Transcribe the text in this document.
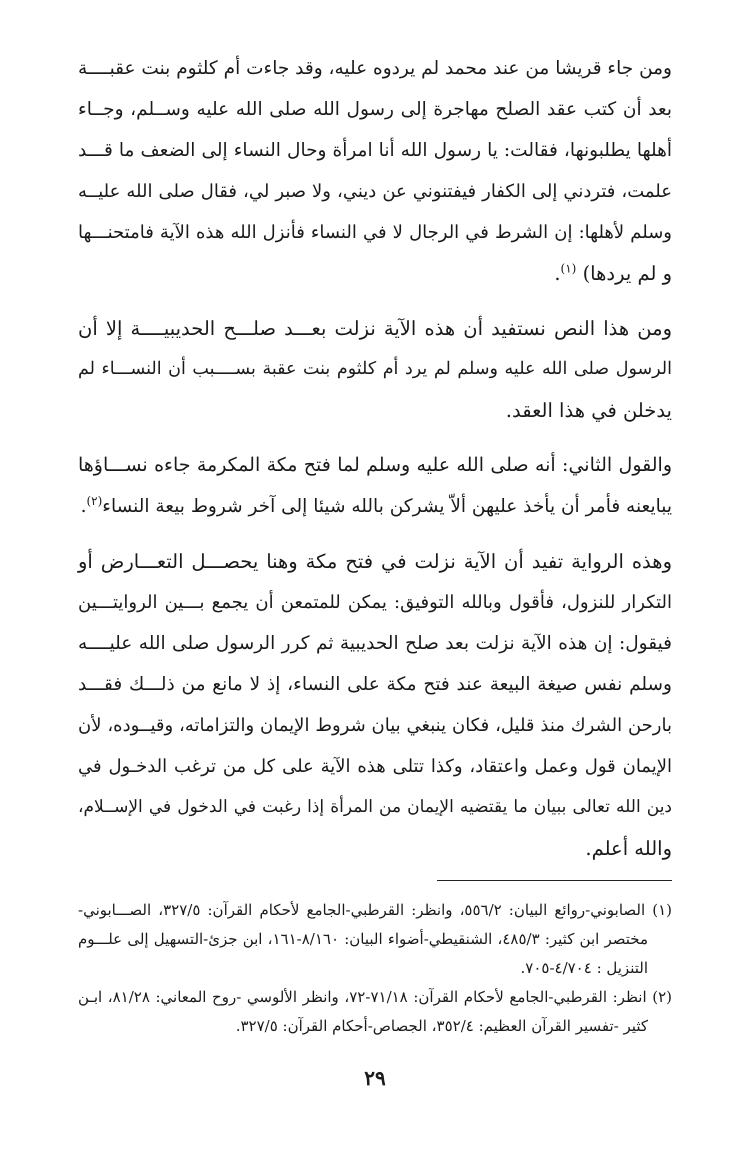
ومن جاء قريشا من عند محمد لم يردوه عليه، وقد جاءت أم كلثوم بنت عقبــــة
بعد أن كتب عقد الصلح مهاجرة إلى رسول الله صلى الله عليه وســلم، وجــاء
أهلها يطلبونها، فقالت: يا رسول الله أنا امرأة وحال النساء إلى الضعف ما قـــد
علمت، فتردني إلى الكفار فيفتنوني عن ديني، ولا صبر لي، فقال صلى الله عليــه
وسلم لأهلها: إن الشرط في الرجال لا في النساء فأنزل الله هذه الآية فامتحنـــها
و لم يردها) $^{(١)}$.

ومن هذا النص نستفيد أن هذه الآية نزلت بعـــد صلـــح الحديبيــــة إلا أن
الرسول صلى الله عليه وسلم لم يرد أم كلثوم بنت عقبة بســــبب أن النســـاء لم
يدخلن في هذا العقد.

والقول الثاني: أنه صلى الله عليه وسلم لما فتح مكة المكرمة جاءه نســـاؤها
يبايعنه فأمر أن يأخذ عليهن ألاّ يشركن بالله شيئا إلى آخر شروط بيعة النساء$^{(٢)}$.

وهذه الرواية تفيد أن الآية نزلت في فتح مكة وهنا يحصـــل التعـــارض أو
التكرار للنزول، فأقول وبالله التوفيق: يمكن للمتمعن أن يجمع بـــين الروايتـــين
فيقول: إن هذه الآية نزلت بعد صلح الحديبية ثم كرر الرسول صلى الله عليــــه
وسلم نفس صيغة البيعة عند فتح مكة على النساء، إذ لا مانع من ذلـــك فقـــد
بارحن الشرك منذ قليل، فكان ينبغي بيان شروط الإيمان والتزاماته، وقيــوده، لأن
الإيمان قول وعمل واعتقاد، وكذا تتلى هذه الآية على كل من ترغب الدخـول في
دين الله تعالى ببيان ما يقتضيه الإيمان من المرأة إذا رغبت في الدخول في الإســلام،
والله أعلم.

(١) الصابوني-روائع البيان: ٥٥٦/٢، وانظر: القرطبي-الجامع لأحكام القرآن: ٣٢٧/٥، الصـــابوني-
مختصر ابن كثير: ٤٨٥/٣، الشنقيطي-أضواء البيان: ٨/١٦٠-١٦١، ابن جزئ-التسهيل إلى علـــوم
التنزيل : ٤/٧٠٤-٧٠٥.

(٢) انظر: القرطبي-الجامع لأحكام القرآن: ٧١/١٨-٧٢، وانظر الألوسي -روح المعاني: ٨١/٢٨، ابـن
كثير -تفسير القرآن العظيم: ٣٥٢/٤، الجصاص-أحكام القرآن: ٣٢٧/٥.

٢٩
